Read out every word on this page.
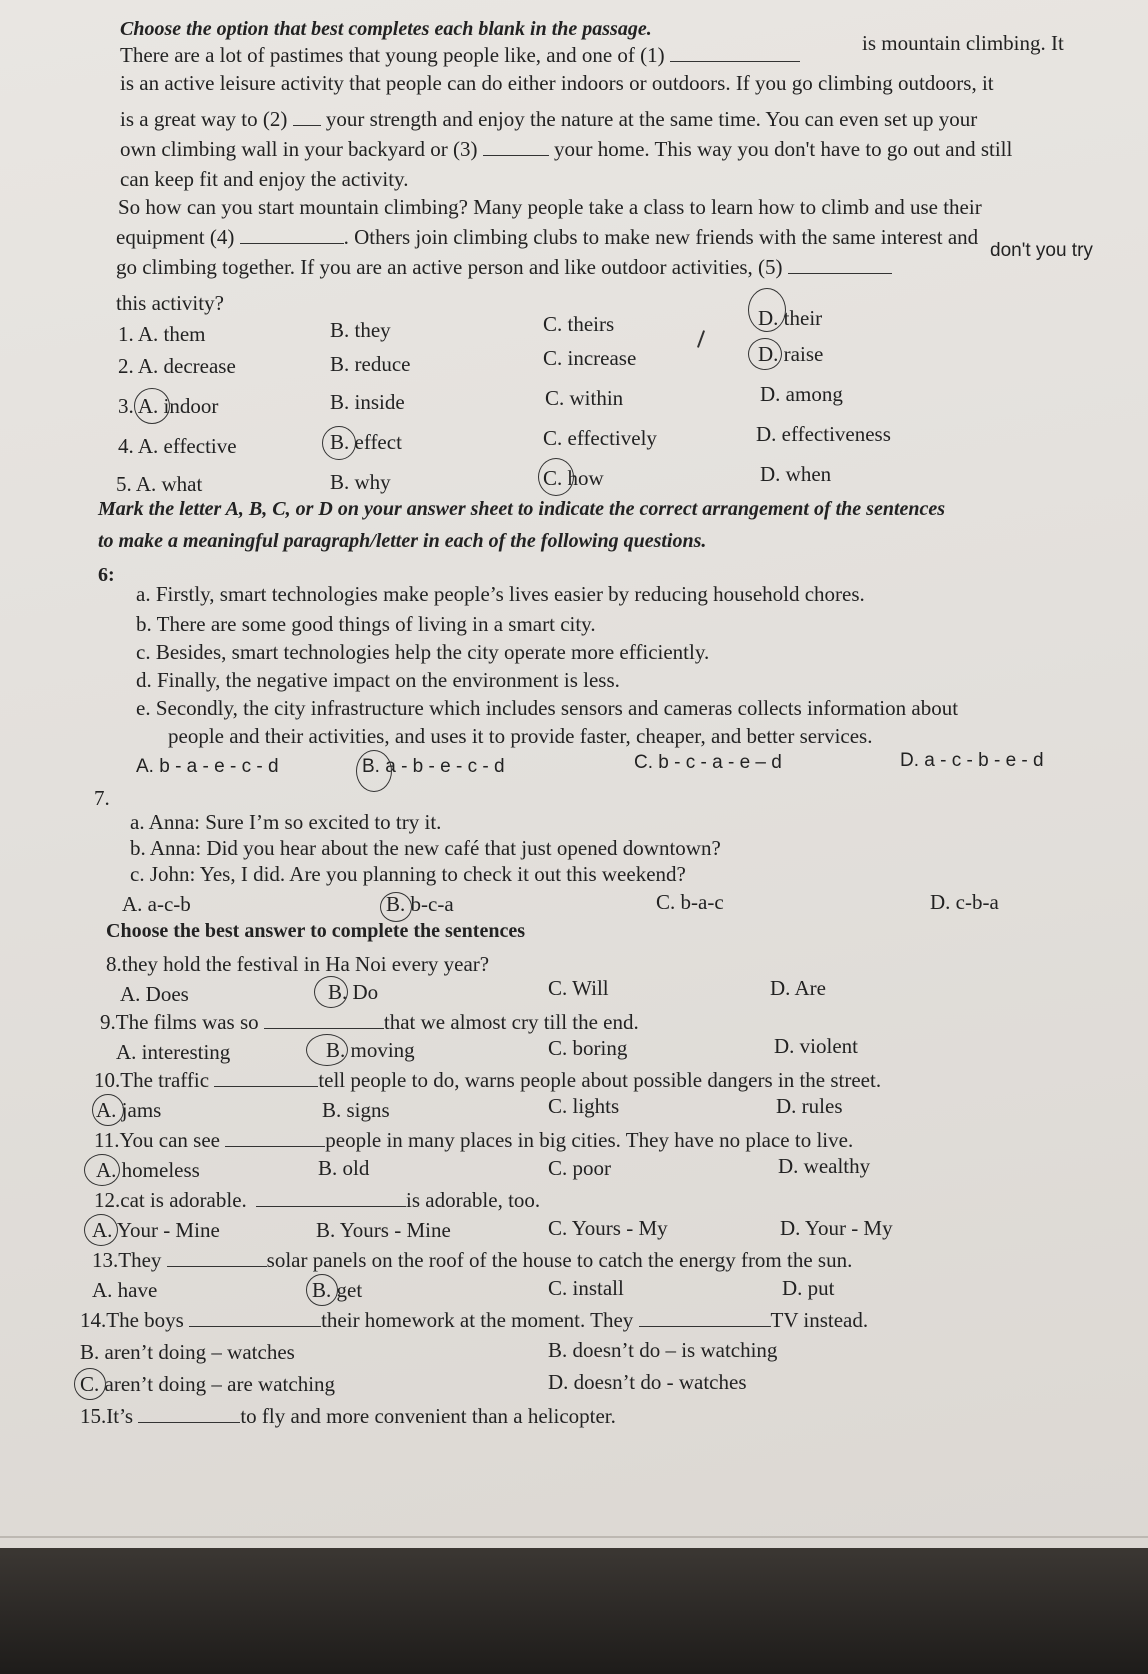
Choose the option that best completes each blank in the passage.
There are a lot of pastimes that young people like, and one of (1)	is mountain climbing. It
is an active leisure activity that people can do either indoors or outdoors. If you go climbing outdoors, it
is a great way to (2) your strength and enjoy the nature at the same time. You can even set up your
own climbing wall in your backyard or (3)	your home. This way you don't have to go out and still
can keep fit and enjoy the activity.
So how can you start mountain climbing? Many people take a class to learn how to climb and use their
equipment (4)	. Others join climbing clubs to make new friends with the same interest and
go climbing together. If you are an active person and like outdoor activities, (5)
don't you try
this activity?
1. A. them	B. they	C. theirs	D. their
2. A. decrease	B. reduce	C. increase	D. raise
3. A. indoor	B. inside	C. within	D. among
4. A. effective	B. effect	C. effectively	D. effectiveness
5. A. what	B. why	C. how	D. when
Mark the letter A, B, C, or D on your answer sheet to indicate the correct arrangement of the sentences
to make a meaningful paragraph/letter in each of the following questions.
6:
a. Firstly, smart technologies make people’s lives easier by reducing household chores.
b. There are some good things of living in a smart city.
c. Besides, smart technologies help the city operate more efficiently.
d. Finally, the negative impact on the environment is less.
e. Secondly, the city infrastructure which includes sensors and cameras collects information about
people and their activities, and uses it to provide faster, cheaper, and better services.
A. b - a - e - c - d	B. a - b - e - c - d	C. b - c - a - e – d	D. a - c - b - e - d
7.
a. Anna: Sure I’m so excited to try it.
b. Anna: Did you hear about the new café that just opened downtown?
c. John: Yes, I did. Are you planning to check it out this weekend?
A. a-c-b	B. b-c-a	C. b-a-c	D. c-b-a
Choose the best answer to complete the sentences
8.they hold the festival in Ha Noi every year?
A. Does	B. Do	C. Will	D. Are
9.The films was so	that we almost cry till the end.
A. interesting	B. moving	C. boring	D. violent
10.The traffic	tell people to do, warns people about possible dangers in the street.
A. jams	B. signs	C. lights	D. rules
11.You can see	people in many places in big cities. They have no place to live.
A. homeless	B. old	C. poor	D. wealthy
12.cat is adorable.	is adorable, too.
A. Your - Mine	B. Yours - Mine	C. Yours - My	D. Your - My
13.They	solar panels on the roof of the house to catch the energy from the sun.
A. have	B. get	C. install	D. put
14.The boys	their homework at the moment. They	TV instead.
B. aren’t doing – watches	B. doesn’t do – is watching
C. aren’t doing – are watching	D. doesn’t do - watches
15.It’s	to fly and more convenient than a helicopter.
